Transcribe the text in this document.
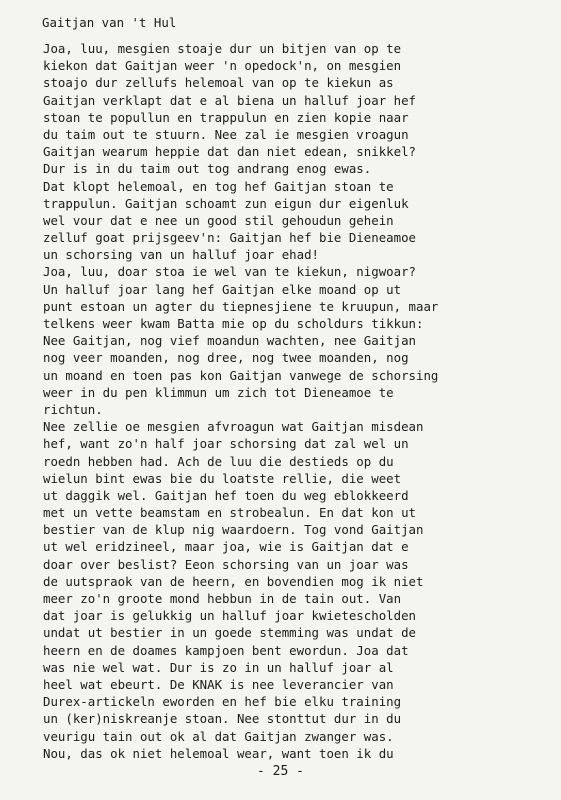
Gaitjan van 't Hul
Joa, luu, mesgien stoaje dur un bitjen van op te
kiekon dat Gaitjan weer 'n opedock'n, on mesgien
stoajo dur zellufs helemoal van op te kiekun as
Gaitjan verklapt dat e al biena un halluf joar hef
stoan te popullun en trappulun en zien kopie naar
du taim out te stuurn. Nee zal ie mesgien vroagun
Gaitjan wearum heppie dat dan niet edean, snikkel?
Dur is in du taim out tog andrang enog ewas.
Dat klopt helemoal, en tog hef Gaitjan stoan te
trappulun. Gaitjan schoamt zun eigun dur eigenluk
wel vour dat e nee un good stil gehoudun gehein
zelluf goat prijsgeev'n: Gaitjan hef bie Dieneamoe
un schorsing van un halluf joar ehad!
Joa, luu, doar stoa ie wel van te kiekun, nigwoar?
Un halluf joar lang hef Gaitjan elke moand op ut
punt estoan un agter du tiepnesjiene te kruupun, maar
telkens weer kwam Batta mie op du scholdurs tikkun:
Nee Gaitjan, nog vief moandun wachten, nee Gaitjan
nog veer moanden, nog dree, nog twee moanden, nog
un moand en toen pas kon Gaitjan vanwege de schorsing
weer in du pen klimmun um zich tot Dieneamoe te
richtun.
Nee zellie oe mesgien afvroagun wat Gaitjan misdean
hef, want zo'n half joar schorsing dat zal wel un
roedn hebben had. Ach de luu die destieds op du
wielun bint ewas bie du loatste rellie, die weet
ut daggik wel. Gaitjan hef toen du weg eblokkeerd
met un vette beamstam en strobealun. En dat kon ut
bestier van de klup nig waardoern. Tog vond Gaitjan
ut wel eridzineel, maar joa, wie is Gaitjan dat e
doar over beslist? Eeon schorsing van un joar was
de uutspraok van de heern, en bovendien mog ik niet
meer zo'n groote mond hebbun in de tain out. Van
dat joar is gelukkig un halluf joar kwietescholden
undat ut bestier in un goede stemming was undat de
heern en de doames kampjoen bent ewordun. Joa dat
was nie wel wat. Dur is zo in un halluf joar al
heel wat ebeurt. De KNAK is nee leverancier van
Durex-artickeln eworden en hef bie elku training
un (ker)niskreanje stoan. Nee stonttut dur in du
veurigu tain out ok al dat Gaitjan zwanger was.
Nou, das ok niet helemoal wear, want toen ik du
- 25 -
